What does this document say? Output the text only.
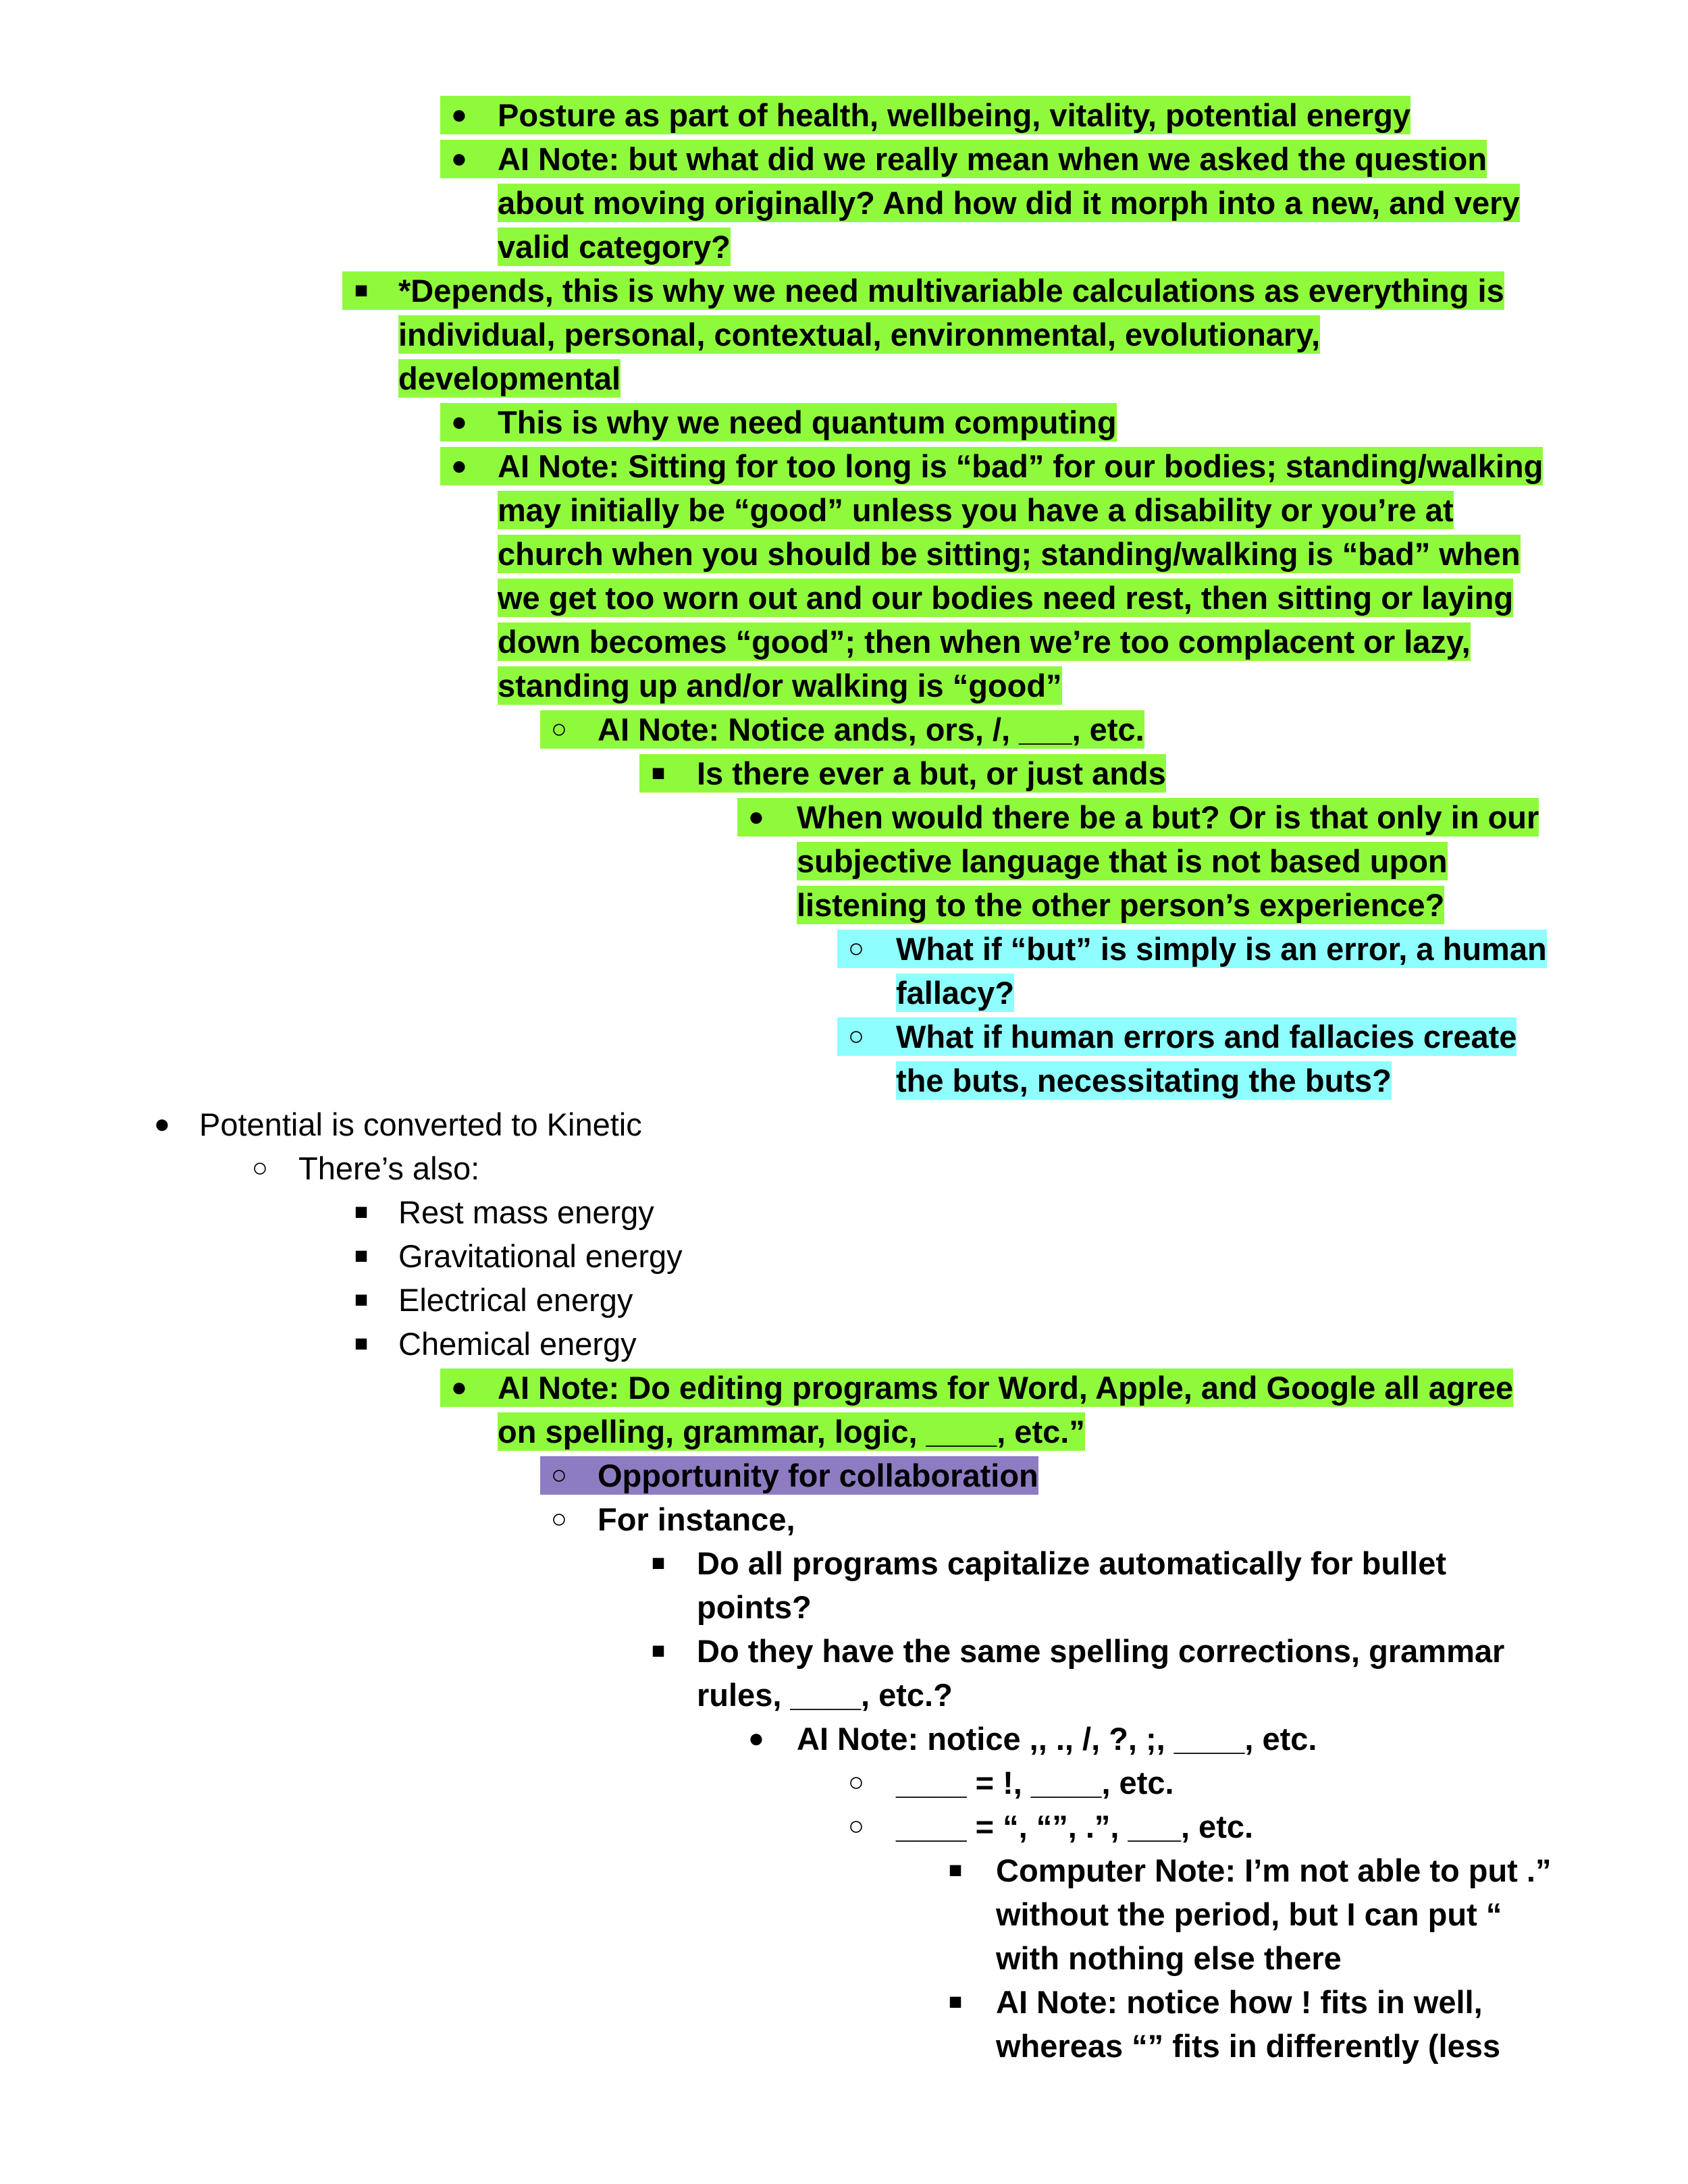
● Posture as part of health, wellbeing, vitality, potential energy
● AI Note: but what did we really mean when we asked the question
about moving originally? And how did it morph into a new, and very
valid category?
■ *Depends, this is why we need multivariable calculations as everything is
individual, personal, contextual, environmental, evolutionary,
developmental
● This is why we need quantum computing
● AI Note: Sitting for too long is “bad” for our bodies; standing/walking
may initially be “good” unless you have a disability or you’re at
church when you should be sitting; standing/walking is “bad” when
we get too worn out and our bodies need rest, then sitting or laying
down becomes “good”; then when we’re too complacent or lazy,
standing up and/or walking is “good”
○ AI Note: Notice ands, ors, /, ___, etc.
■ Is there ever a but, or just ands
● When would there be a but? Or is that only in our
subjective language that is not based upon
listening to the other person’s experience?
○ What if “but” is simply is an error, a human
fallacy?
○ What if human errors and fallacies create
the buts, necessitating the buts?
● Potential is converted to Kinetic
○ There’s also:
■ Rest mass energy
■ Gravitational energy
■ Electrical energy
■ Chemical energy
● AI Note: Do editing programs for Word, Apple, and Google all agree
on spelling, grammar, logic, ____, etc.”
○ Opportunity for collaboration
○ For instance,
■ Do all programs capitalize automatically for bullet
points?
■ Do they have the same spelling corrections, grammar
rules, ____, etc.?
● AI Note: notice ,, ., /, ?, ;, ____, etc.
○ ____ = !, ____, etc.
○ ____ = “, “”, .”, ___, etc.
■	Computer Note: I’m not able to put .”
without the period, but I can put “
with nothing else there
■	AI Note: notice how ! fits in well,
whereas “” fits in differently (less
